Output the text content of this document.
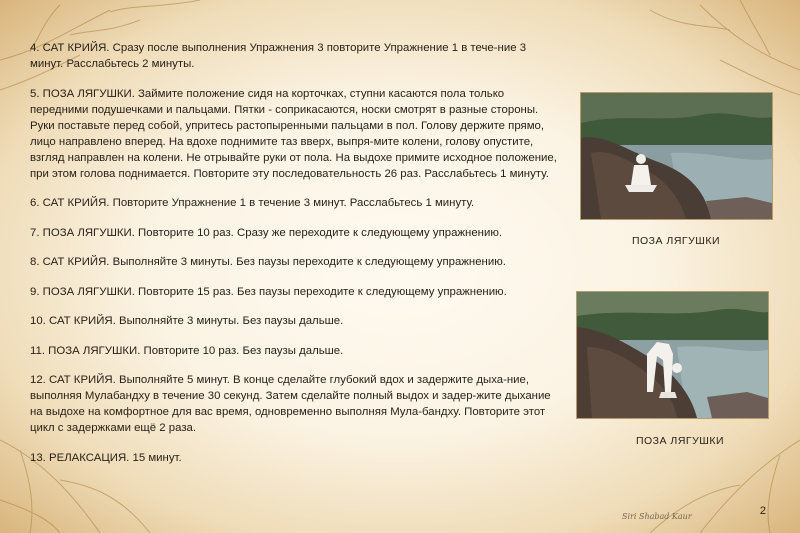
4. САТ КРИЙЯ. Сразу после выполнения Упражнения 3 повторите Упражнение 1 в тече-ние 3 минут. Расслабьтесь 2 минуты.

5. ПОЗА ЛЯГУШКИ. Займите положение сидя на корточках, ступни касаются пола только передними подушечками и пальцами. Пятки - соприкасаются, носки смотрят в разные стороны. Руки поставьте перед собой, упритесь растопыренными пальцами в пол. Голову держите прямо, лицо направлено вперед. На вдохе поднимите таз вверх, выпря-мите колени, голову опустите, взгляд направлен на колени. Не отрывайте руки от пола. На выдохе примите исходное положение, при этом голова поднимается. Повторите эту последовательность 26 раз. Расслабьтесь 1 минуту.

6. САТ КРИЙЯ. Повторите Упражнение 1 в течение 3 минут. Расслабьтесь 1 минуту.

7. ПОЗА ЛЯГУШКИ. Повторите 10 раз. Сразу же переходите к следующему упражнению.

8. САТ КРИЙЯ. Выполняйте 3 минуты. Без паузы переходите к следующему упражнению.

9. ПОЗА ЛЯГУШКИ. Повторите 15 раз. Без паузы переходите к следующему упражнению.

10. САТ КРИЙЯ. Выполняйте 3 минуты. Без паузы дальше.

11. ПОЗА ЛЯГУШКИ. Повторите 10 раз. Без паузы дальше.

12. САТ КРИЙЯ. Выполняйте 5 минут. В конце сделайте глубокий вдох и задержите дыха-ние, выполняя Мулабандху в течение 30 секунд. Затем сделайте полный выдох и задер-жите дыхание на выдохе на комфортное для вас время, одновременно выполняя Мула-бандху. Повторите этот цикл с задержками ещё 2 раза.

13. РЕЛАКСАЦИЯ. 15 минут.

ПОЗА ЛЯГУШКИ
ПОЗА ЛЯГУШКИ
Siri Shabad Kaur	2
